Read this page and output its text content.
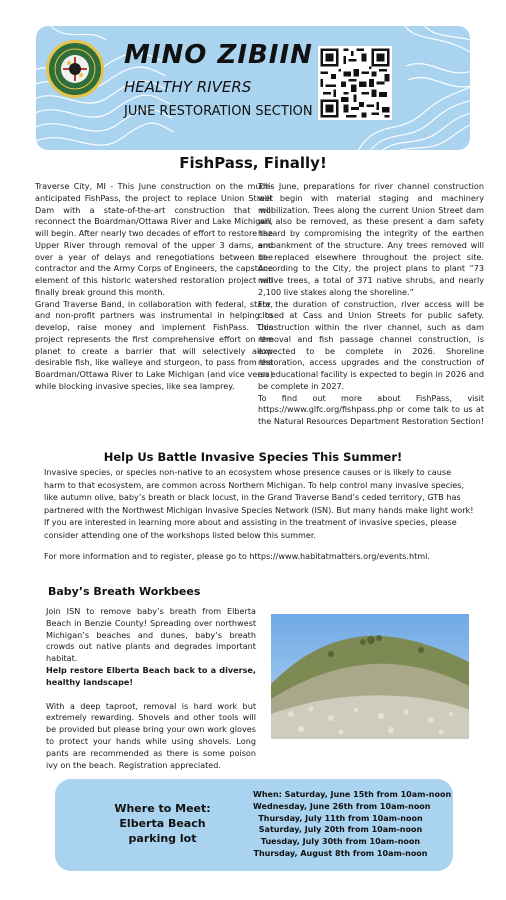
MINO ZIBIIN
HEALTHY RIVERS
JUNE RESTORATION SECTION
FishPass, Finally!

Traverse City, MI - This June construction on the much-anticipated FishPass, the project to replace Union Street Dam with a state-of-the-art construction that will reconnect the Boardman/Ottawa River and Lake Michigan, will begin. After nearly two decades of effort to restore the Upper River through removal of the upper 3 dams, and over a year of delays and renegotiations between the contractor and the Army Corps of Engineers, the capstone element of this historic watershed restoration project will finally break ground this month.

Grand Traverse Band, in collaboration with federal, state, and non-profit partners was instrumental in helping to develop, raise money and implement FishPass. This project represents the first comprehensive effort on the planet to create a barrier that will selectively allow desirable fish, like walleye and sturgeon, to pass from the Boardman/Ottawa River to Lake Michigan (and vice versa) while blocking invasive species, like sea lamprey.

This June, preparations for river channel construction will begin with material staging and machinery mobilization. Trees along the current Union Street dam will also be removed, as these present a dam safety hazard by compromising the integrity of the earthen embankment of the structure. Any trees removed will be replaced elsewhere throughout the project site. According to the City, the project plans to plant “73 native trees, a total of 371 native shrubs, and nearly 2,100 live stakes along the shoreline.”

For the duration of construction, river access will be closed at Cass and Union Streets for public safety. Construction within the river channel, such as dam removal and fish passage channel construction, is expected to be complete in 2026. Shoreline restoration, access upgrades and the construction of an educational facility is expected to begin in 2026 and be complete in 2027.

To find out more about FishPass, visit https://www.glfc.org/fishpass.php or come talk to us at the Natural Resources Department Restoration Section!

Help Us Battle Invasive Species This Summer!

Invasive species, or species non-native to an ecosystem whose presence causes or is likely to cause harm to that ecosystem, are common across Northern Michigan. To help control many invasive species, like autumn olive, baby’s breath or black locust, in the Grand Traverse Band’s ceded territory, GTB has partnered with the Northwest Michigan Invasive Species Network (ISN). But many hands make light work! If you are interested in learning more about and assisting in the treatment of invasive species, please consider attending one of the workshops listed below this summer.

For more information and to register, please go to https://www.habitatmatters.org/events.html.

Baby’s Breath Workbees

Join ISN to remove baby’s breath from Elberta Beach in Benzie County! Spreading over northwest Michigan’s beaches and dunes, baby’s breath crowds out native plants and degrades important habitat.

Help restore Elberta Beach back to a diverse, healthy landscape!

With a deep taproot, removal is hard work but extremely rewarding. Shovels and other tools will be provided but please bring your own work gloves to protect your hands while using shovels. Long pants are recommended as there is some poison ivy on the beach. Registration appreciated.

Where to Meet:
Elberta Beach
parking lot
When: Saturday, June 15th from 10am-noon
Wednesday, June 26th from 10am-noon
Thursday, July 11th from 10am-noon
Saturday, July 20th from 10am-noon
Tuesday, July 30th from 10am-noon
Thursday, August 8th from 10am-noon
